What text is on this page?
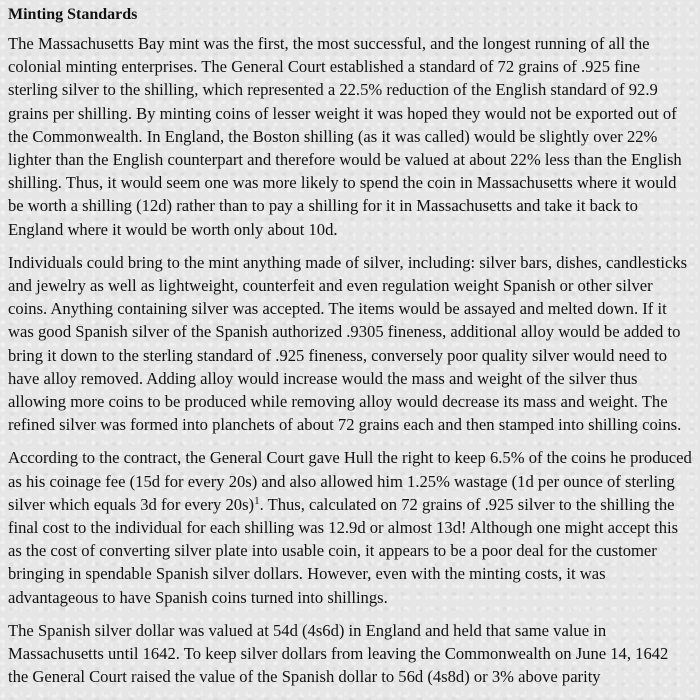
Minting Standards

The Massachusetts Bay mint was the first, the most successful, and the longest running of all the colonial minting enterprises. The General Court established a standard of 72 grains of .925 fine sterling silver to the shilling, which represented a 22.5% reduction of the English standard of 92.9 grains per shilling. By minting coins of lesser weight it was hoped they would not be exported out of the Commonwealth. In England, the Boston shilling (as it was called) would be slightly over 22% lighter than the English counterpart and therefore would be valued at about 22% less than the English shilling. Thus, it would seem one was more likely to spend the coin in Massachusetts where it would be worth a shilling (12d) rather than to pay a shilling for it in Massachusetts and take it back to England where it would be worth only about 10d.

Individuals could bring to the mint anything made of silver, including: silver bars, dishes, candlesticks and jewelry as well as lightweight, counterfeit and even regulation weight Spanish or other silver coins. Anything containing silver was accepted. The items would be assayed and melted down. If it was good Spanish silver of the Spanish authorized .9305 fineness, additional alloy would be added to bring it down to the sterling standard of .925 fineness, conversely poor quality silver would need to have alloy removed. Adding alloy would increase would the mass and weight of the silver thus allowing more coins to be produced while removing alloy would decrease its mass and weight. The refined silver was formed into planchets of about 72 grains each and then stamped into shilling coins.

According to the contract, the General Court gave Hull the right to keep 6.5% of the coins he produced as his coinage fee (15d for every 20s) and also allowed him 1.25% wastage (1d per ounce of sterling silver which equals 3d for every 20s)$^1$. Thus, calculated on 72 grains of .925 silver to the shilling the final cost to the individual for each shilling was 12.9d or almost 13d! Although one might accept this as the cost of converting silver plate into usable coin, it appears to be a poor deal for the customer bringing in spendable Spanish silver dollars. However, even with the minting costs, it was advantageous to have Spanish coins turned into shillings.

The Spanish silver dollar was valued at 54d (4s6d) in England and held that same value in Massachusetts until 1642. To keep silver dollars from leaving the Commonwealth on June 14, 1642 the General Court raised the value of the Spanish dollar to 56d (4s8d) or 3% above parity
